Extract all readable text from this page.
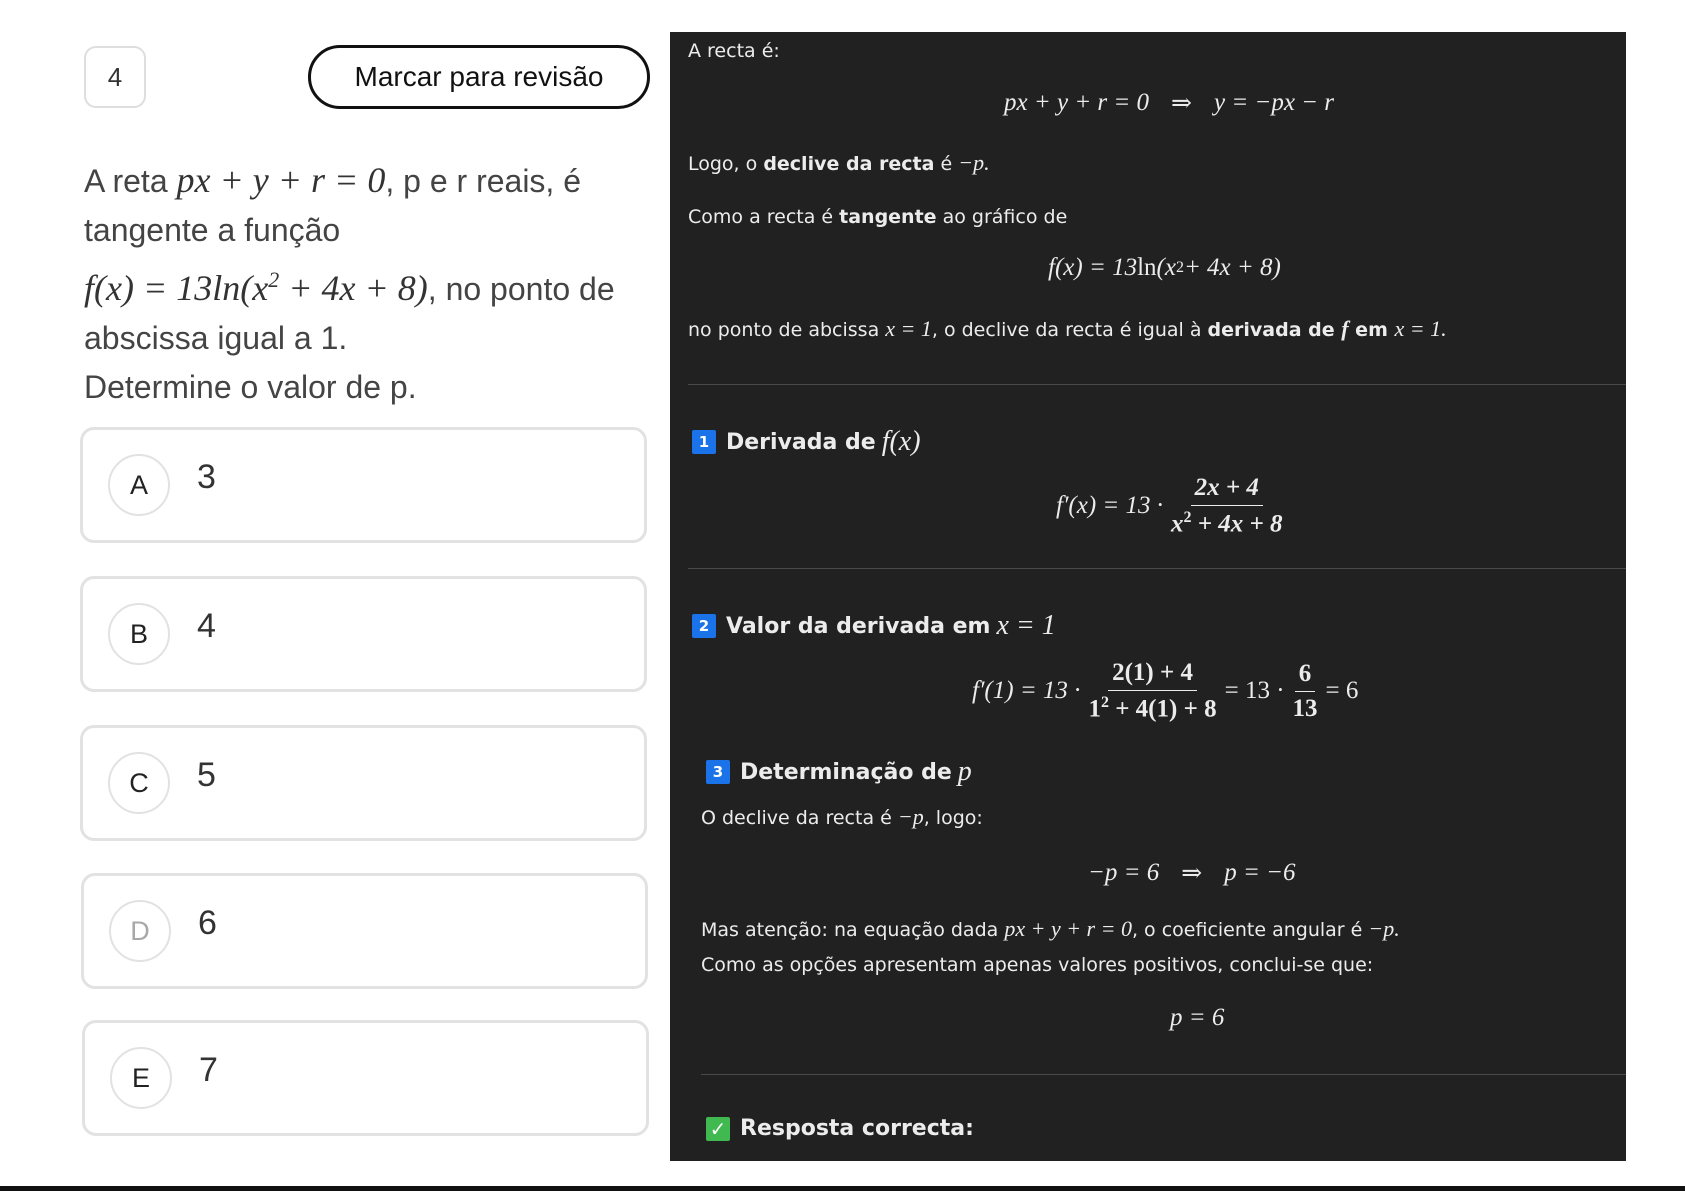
4	Marcar para revisão
A reta px + y + r = 0, p e r reais, é tangente a função
$f(x) = 13\ln(x^2 + 4x + 8)$, no ponto de abscissa igual a 1.
Determine o valor de p.
A	3
B	4
C	5
D	6
E	7
A recta é:
px + y + r = 0 ⇒ y = −px − r
Logo, o declive da recta é −p.
Como a recta é tangente ao gráfico de
f(x) = 13 ln (x 2 + 4x + 8)
no ponto de abcissa x = 1, o declive da recta é igual à derivada de f em x = 1.
1 Derivada de f(x)
$f'(x) = 13 \cdot \frac{2x + 4}{x^2 + 4x + 8}$
2 Valor da derivada em x = 1
$f'(1) = 13 \cdot \frac{2(1) + 4}{1^2 + 4(1) + 8} = 13 \cdot \frac{6}{13} = 6$
3 Determinação de p
O declive da recta é −p, logo:
−p = 6 ⇒ p = −6
Mas atenção: na equação dada px + y + r = 0, o coeficiente angular é −p.
Como as opções apresentam apenas valores positivos, conclui-se que:
p = 6
✓ Resposta correcta:
